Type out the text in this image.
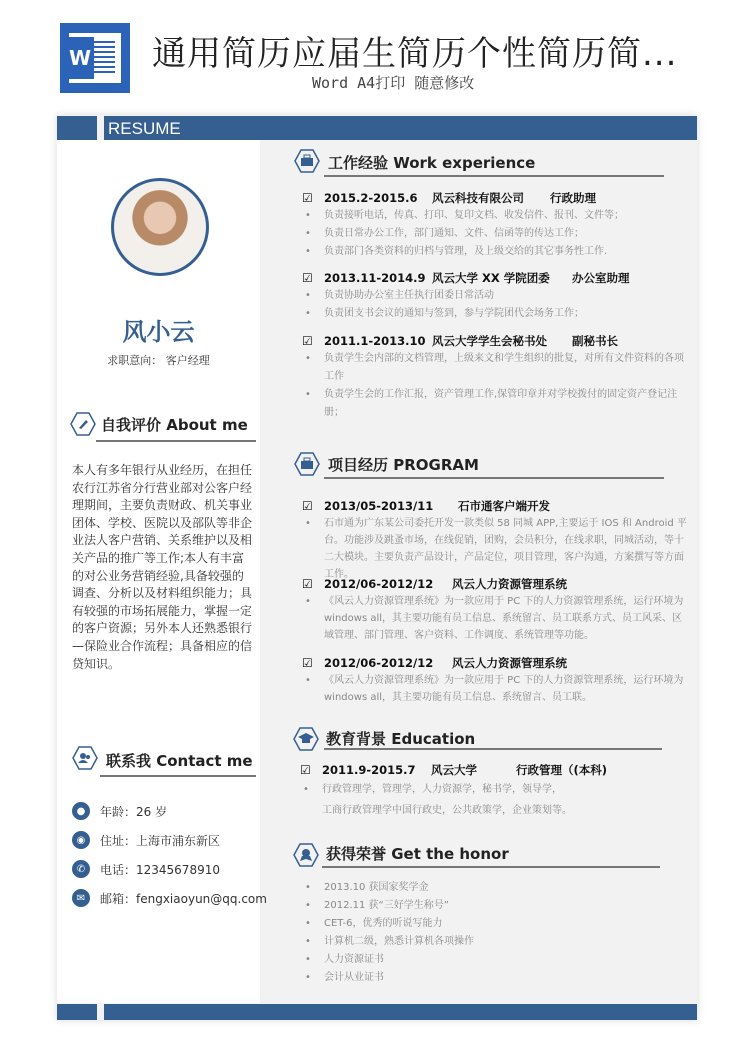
W 通用简历应届生简历个性简历简...
Word A4打印 随意修改
RESUME
风小云
求职意向： 客户经理
自我评价 About me
本人有多年银行从业经历，在担任农行江苏省分行营业部对公客户经理期间，主要负责财政、机关事业团体、学校、医院以及部队等非企业法人客户营销、关系维护以及相关产品的推广等工作;本人有丰富的对公业务营销经验,具备较强的调查、分析以及材料组织能力；具有较强的市场拓展能力，掌握一定的客户资源；另外本人还熟悉银行—保险业合作流程；具备相应的信贷知识。
联系我 Contact me
●	年龄：26 岁
◉	住址：上海市浦东新区
✆	电话：12345678910
✉	邮箱：fengxiaoyun@qq.com
工作经验 Work experience
☑ 2015.2-2015.6	风云科技有限公司	行政助理
•	负责接听电话，传真、打印、复印文档、收发信件、报刊、文件等；
•	负责日常办公工作，部门通知、文件、信函等的传达工作；
•	负责部门各类资料的归档与管理，及上级交给的其它事务性工作.
☑ 2013.11-2014.9 风云大学 XX 学院团委	办公室助理
•	负责协助办公室主任执行团委日常活动
•	负责团支书会议的通知与签到，参与学院团代会场务工作；
☑ 2011.1-2013.10 风云大学学生会秘书处	副秘书长
•	负责学生会内部的文档管理，上级来文和学生组织的批复，对所有文件资料的各项工作
•	负责学生会的工作汇报，资产管理工作,保管印章并对学校拨付的固定资产登记注册；
项目经历 PROGRAM
☑ 2013/05-2013/11	石市通客户端开发
•	石市通为广东某公司委托开发一款类似 58 同城 APP,主要运于 IOS 和 Android 平台。功能涉及跳蚤市场，在线促销，团购，会员积分，在线求职，同城活动，等十二大模块。主要负责产品设计，产品定位，项目管理，客户沟通，方案撰写等方面工作。
☑ 2012/06-2012/12	风云人力资源管理系统
•	《风云人力资源管理系统》为一款应用于 PC 下的人力资源管理系统，运行环境为 windows all，其主要功能有员工信息、系统留言、员工联系方式、员工风采、区域管理、部门管理、客户资料、工作调度、系统管理等功能。
☑ 2012/06-2012/12	风云人力资源管理系统
•	《风云人力资源管理系统》为一款应用于 PC 下的人力资源管理系统，运行环境为 windows all，其主要功能有员工信息、系统留言、员工联。
教育背景 Education
☑ 2011.9-2015.7	风云大学	行政管理（(本科)
•	行政管理学，管理学，人力资源学，秘书学，领导学，
工商行政管理学中国行政史，公共政策学，企业策划等。
获得荣誉 Get the honor
•	2013.10 获国家奖学金
•	2012.11 获“三好学生称号”
•	CET-6，优秀的听说写能力
•	计算机二级，熟悉计算机各项操作
•	人力资源证书
•	会计从业证书
